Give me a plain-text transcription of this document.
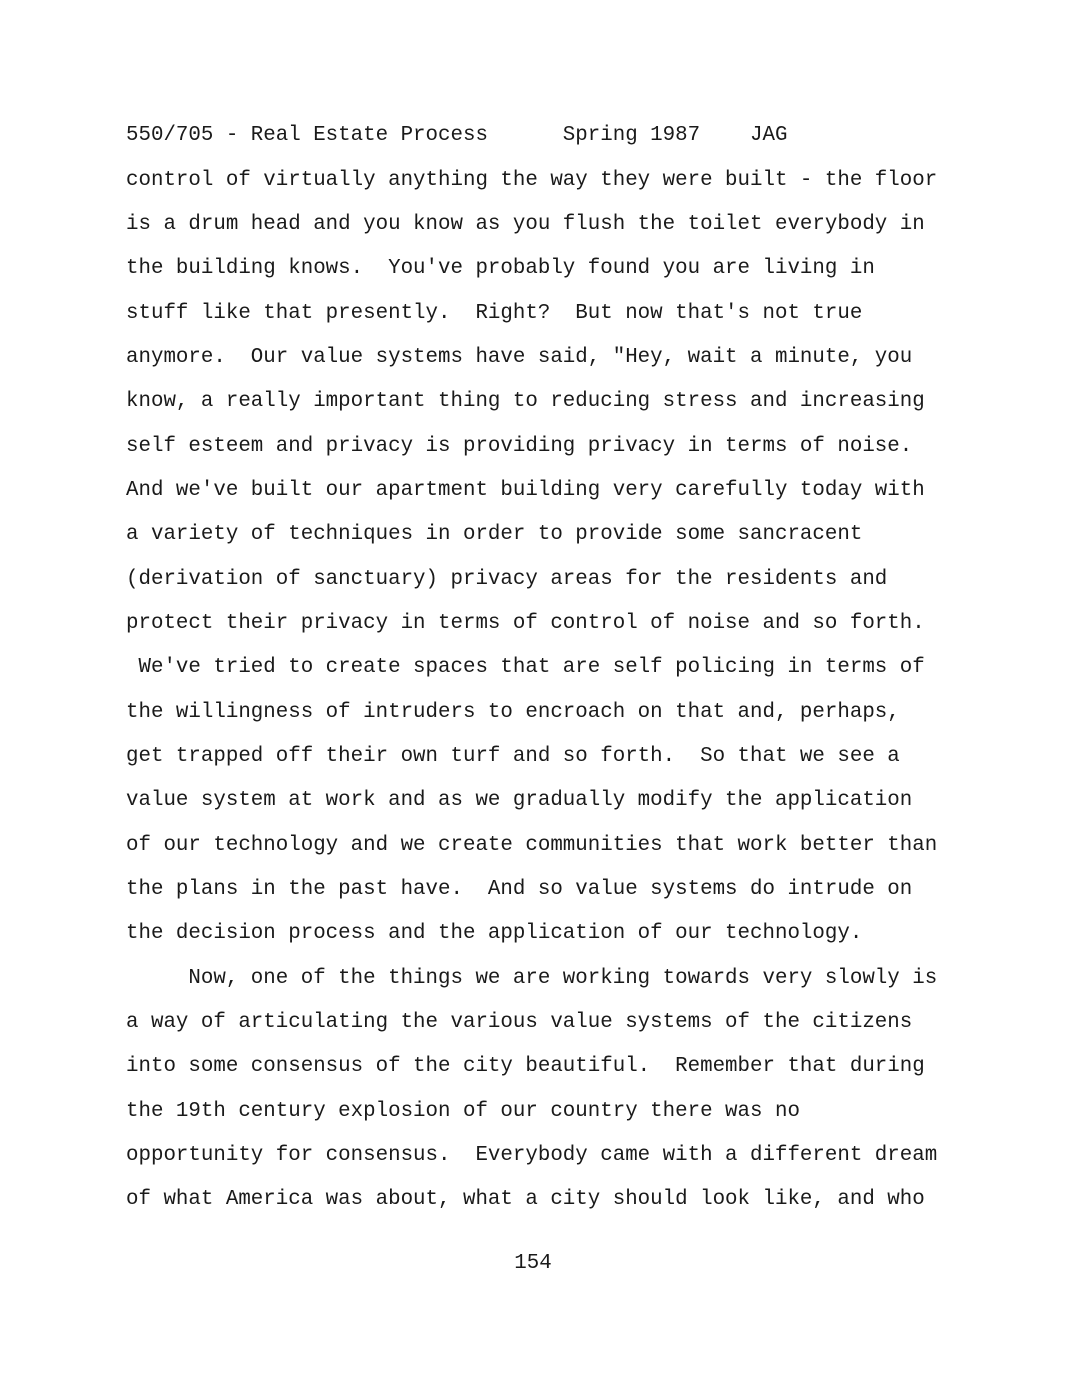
550/705 - Real Estate Process      Spring 1987    JAG
control of virtually anything the way they were built - the floor
is a drum head and you know as you flush the toilet everybody in
the building knows.  You've probably found you are living in
stuff like that presently.  Right?  But now that's not true
anymore.  Our value systems have said, "Hey, wait a minute, you
know, a really important thing to reducing stress and increasing
self esteem and privacy is providing privacy in terms of noise.
And we've built our apartment building very carefully today with
a variety of techniques in order to provide some sancracent
(derivation of sanctuary) privacy areas for the residents and
protect their privacy in terms of control of noise and so forth.
We've tried to create spaces that are self policing in terms of
the willingness of intruders to encroach on that and, perhaps,
get trapped off their own turf and so forth.  So that we see a
value system at work and as we gradually modify the application
of our technology and we create communities that work better than
the plans in the past have.  And so value systems do intrude on
the decision process and the application of our technology.
Now, one of the things we are working towards very slowly is
a way of articulating the various value systems of the citizens
into some consensus of the city beautiful.  Remember that during
the 19th century explosion of our country there was no
opportunity for consensus.  Everybody came with a different dream
of what America was about, what a city should look like, and who
154
